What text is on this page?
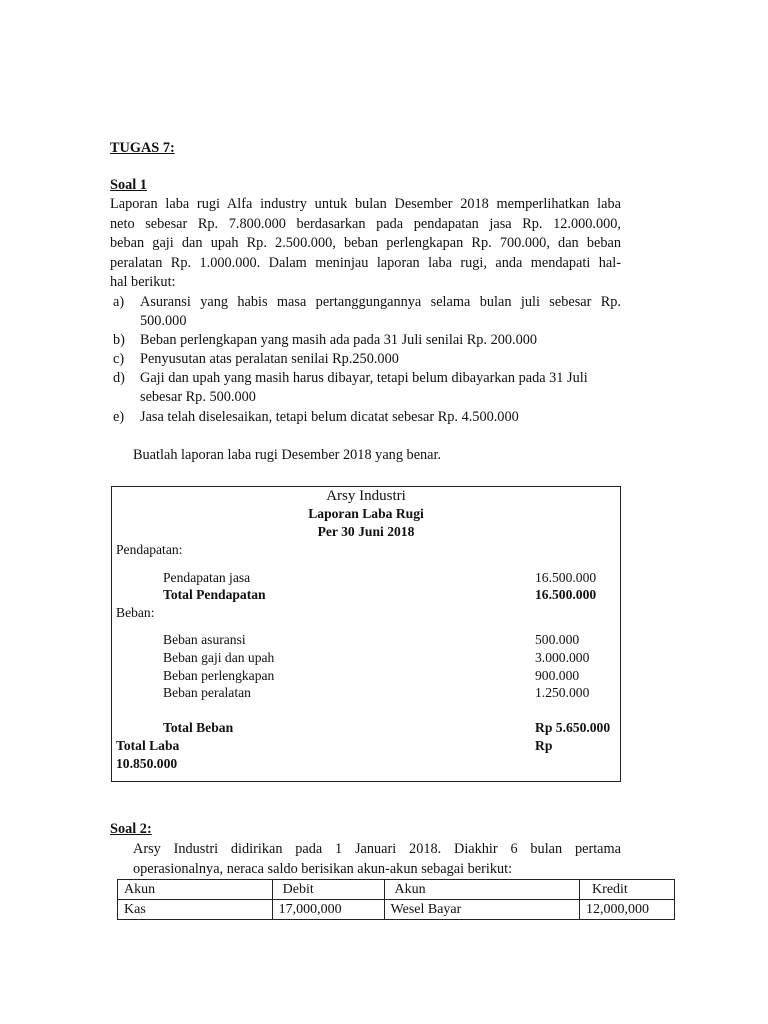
TUGAS 7:
Soal 1
Laporan laba rugi Alfa industry untuk bulan Desember 2018 memperlihatkan laba
neto sebesar Rp. 7.800.000 berdasarkan pada pendapatan jasa Rp. 12.000.000,
beban gaji dan upah Rp. 2.500.000, beban perlengkapan Rp. 700.000, dan beban
peralatan Rp. 1.000.000. Dalam meninjau laporan laba rugi, anda mendapati hal-
hal berikut:
a) Asuransi yang habis masa pertanggungannya selama bulan juli sebesar Rp.
500.000
b) Beban perlengkapan yang masih ada pada 31 Juli senilai Rp. 200.000
c) Penyusutan atas peralatan senilai Rp.250.000
d) Gaji dan upah yang masih harus dibayar, tetapi belum dibayarkan pada 31 Juli
sebesar Rp. 500.000
e) Jasa telah diselesaikan, tetapi belum dicatat sebesar Rp. 4.500.000
Buatlah laporan laba rugi Desember 2018 yang benar.
Arsy Industri
Laporan Laba Rugi
Per 30 Juni 2018
Pendapatan:
Pendapatan jasa	16.500.000
Total Pendapatan	16.500.000
Beban:
Beban asuransi	500.000
Beban gaji dan upah	3.000.000
Beban perlengkapan	900.000
Beban peralatan	1.250.000
Total Beban	Rp 5.650.000
Total Laba	Rp
10.850.000
Soal 2:
Arsy Industri didirikan pada 1 Januari 2018. Diakhir 6 bulan pertama
operasionalnya, neraca saldo berisikan akun-akun sebagai berikut:
Akun	Debit	Akun	Kredit
Kas	17,000,000	Wesel Bayar	12,000,000
